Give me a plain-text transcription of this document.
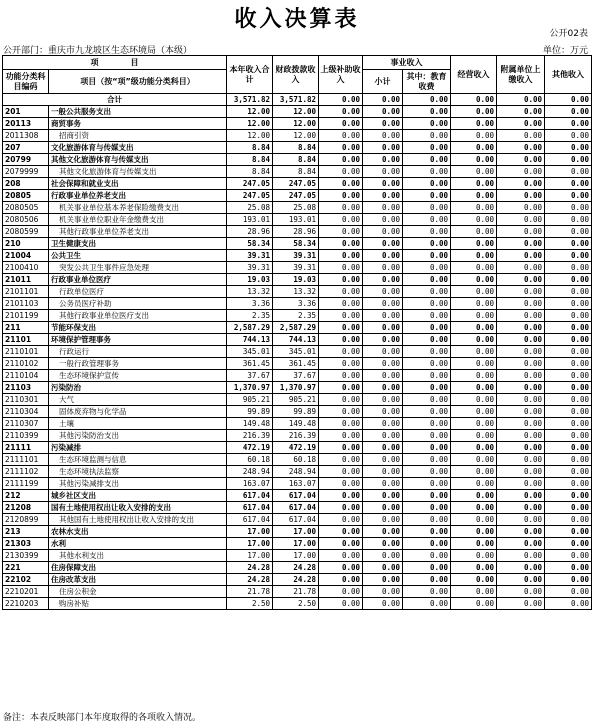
收入决算表
公开02表
公开部门：重庆市九龙坡区生态环境局（本级）	单位：万元
项　　　　目		本年收入合计	财政拨款收入	上级补助收入	事业收入		经营收入	附属单位上缴收入	其他收入
功能分类科目编码	项目（按“项”级功能分类科目）				小计	其中：教育收费			

合计		3,571.82	3,571.82	0.00	0.00	0.00	0.00	0.00	0.00
201	一般公共服务支出	12.00	12.00	0.00	0.00	0.00	0.00	0.00	0.00
20113	商贸事务	12.00	12.00	0.00	0.00	0.00	0.00	0.00	0.00
2011308	招商引资	12.00	12.00	0.00	0.00	0.00	0.00	0.00	0.00
207	文化旅游体育与传媒支出	8.84	8.84	0.00	0.00	0.00	0.00	0.00	0.00
20799	其他文化旅游体育与传媒支出	8.84	8.84	0.00	0.00	0.00	0.00	0.00	0.00
2079999	其他文化旅游体育与传媒支出	8.84	8.84	0.00	0.00	0.00	0.00	0.00	0.00
208	社会保障和就业支出	247.05	247.05	0.00	0.00	0.00	0.00	0.00	0.00
20805	行政事业单位养老支出	247.05	247.05	0.00	0.00	0.00	0.00	0.00	0.00
2080505	机关事业单位基本养老保险缴费支出	25.08	25.08	0.00	0.00	0.00	0.00	0.00	0.00
2080506	机关事业单位职业年金缴费支出	193.01	193.01	0.00	0.00	0.00	0.00	0.00	0.00
2080599	其他行政事业单位养老支出	28.96	28.96	0.00	0.00	0.00	0.00	0.00	0.00
210	卫生健康支出	58.34	58.34	0.00	0.00	0.00	0.00	0.00	0.00
21004	公共卫生	39.31	39.31	0.00	0.00	0.00	0.00	0.00	0.00
2100410	突发公共卫生事件应急处理	39.31	39.31	0.00	0.00	0.00	0.00	0.00	0.00
21011	行政事业单位医疗	19.03	19.03	0.00	0.00	0.00	0.00	0.00	0.00
2101101	行政单位医疗	13.32	13.32	0.00	0.00	0.00	0.00	0.00	0.00
2101103	公务员医疗补助	3.36	3.36	0.00	0.00	0.00	0.00	0.00	0.00
2101199	其他行政事业单位医疗支出	2.35	2.35	0.00	0.00	0.00	0.00	0.00	0.00
211	节能环保支出	2,587.29	2,587.29	0.00	0.00	0.00	0.00	0.00	0.00
21101	环境保护管理事务	744.13	744.13	0.00	0.00	0.00	0.00	0.00	0.00
2110101	行政运行	345.01	345.01	0.00	0.00	0.00	0.00	0.00	0.00
2110102	一般行政管理事务	361.45	361.45	0.00	0.00	0.00	0.00	0.00	0.00
2110104	生态环境保护宣传	37.67	37.67	0.00	0.00	0.00	0.00	0.00	0.00
21103	污染防治	1,370.97	1,370.97	0.00	0.00	0.00	0.00	0.00	0.00
2110301	大气	905.21	905.21	0.00	0.00	0.00	0.00	0.00	0.00
2110304	固体废弃物与化学品	99.89	99.89	0.00	0.00	0.00	0.00	0.00	0.00
2110307	土壤	149.48	149.48	0.00	0.00	0.00	0.00	0.00	0.00
2110399	其他污染防治支出	216.39	216.39	0.00	0.00	0.00	0.00	0.00	0.00
21111	污染减排	472.19	472.19	0.00	0.00	0.00	0.00	0.00	0.00
2111101	生态环境监测与信息	60.18	60.18	0.00	0.00	0.00	0.00	0.00	0.00
2111102	生态环境执法监察	248.94	248.94	0.00	0.00	0.00	0.00	0.00	0.00
2111199	其他污染减排支出	163.07	163.07	0.00	0.00	0.00	0.00	0.00	0.00
212	城乡社区支出	617.04	617.04	0.00	0.00	0.00	0.00	0.00	0.00
21208	国有土地使用权出让收入安排的支出	617.04	617.04	0.00	0.00	0.00	0.00	0.00	0.00
2120899	其他国有土地使用权出让收入安排的支出	617.04	617.04	0.00	0.00	0.00	0.00	0.00	0.00
213	农林水支出	17.00	17.00	0.00	0.00	0.00	0.00	0.00	0.00
21303	水利	17.00	17.00	0.00	0.00	0.00	0.00	0.00	0.00
2130399	其他水利支出	17.00	17.00	0.00	0.00	0.00	0.00	0.00	0.00
221	住房保障支出	24.28	24.28	0.00	0.00	0.00	0.00	0.00	0.00
22102	住房改革支出	24.28	24.28	0.00	0.00	0.00	0.00	0.00	0.00
2210201	住房公积金	21.78	21.78	0.00	0.00	0.00	0.00	0.00	0.00
2210203	购房补贴	2.50	2.50	0.00	0.00	0.00	0.00	0.00	0.00
备注：本表反映部门本年度取得的各项收入情况。
